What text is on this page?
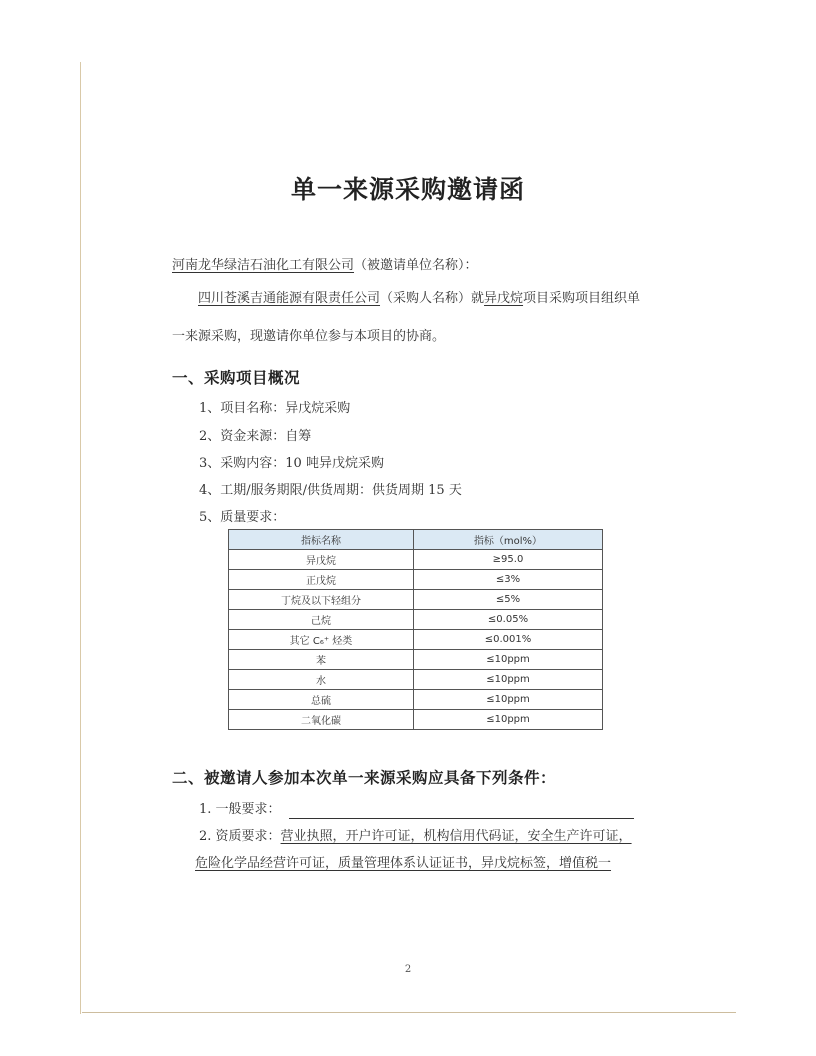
单一来源采购邀请函
河南龙华绿洁石油化工有限公司（被邀请单位名称）：
四川苍溪吉通能源有限责任公司（采购人名称）就异戊烷项目采购项目组织单
一来源采购，现邀请你单位参与本项目的协商。
一、采购项目概况
1、项目名称：异戊烷采购
2、资金来源：自筹
3、采购内容：10 吨异戊烷采购
4、工期/服务期限/供货周期：供货周期 15 天
5、质量要求：
指标名称	指标（mol%）
异戊烷	≥95.0
正戊烷	≤3%
丁烷及以下轻组分	≤5%
己烷	≤0.05%
其它 C₆⁺ 烃类	≤0.001%
苯	≤10ppm
水	≤10ppm
总硫	≤10ppm
二氧化碳	≤10ppm
二、被邀请人参加本次单一来源采购应具备下列条件：
1. 一般要求：
2. 资质要求：营业执照，开户许可证，机构信用代码证，安全生产许可证，
危险化学品经营许可证，质量管理体系认证证书，异戊烷标签，增值税一
2
